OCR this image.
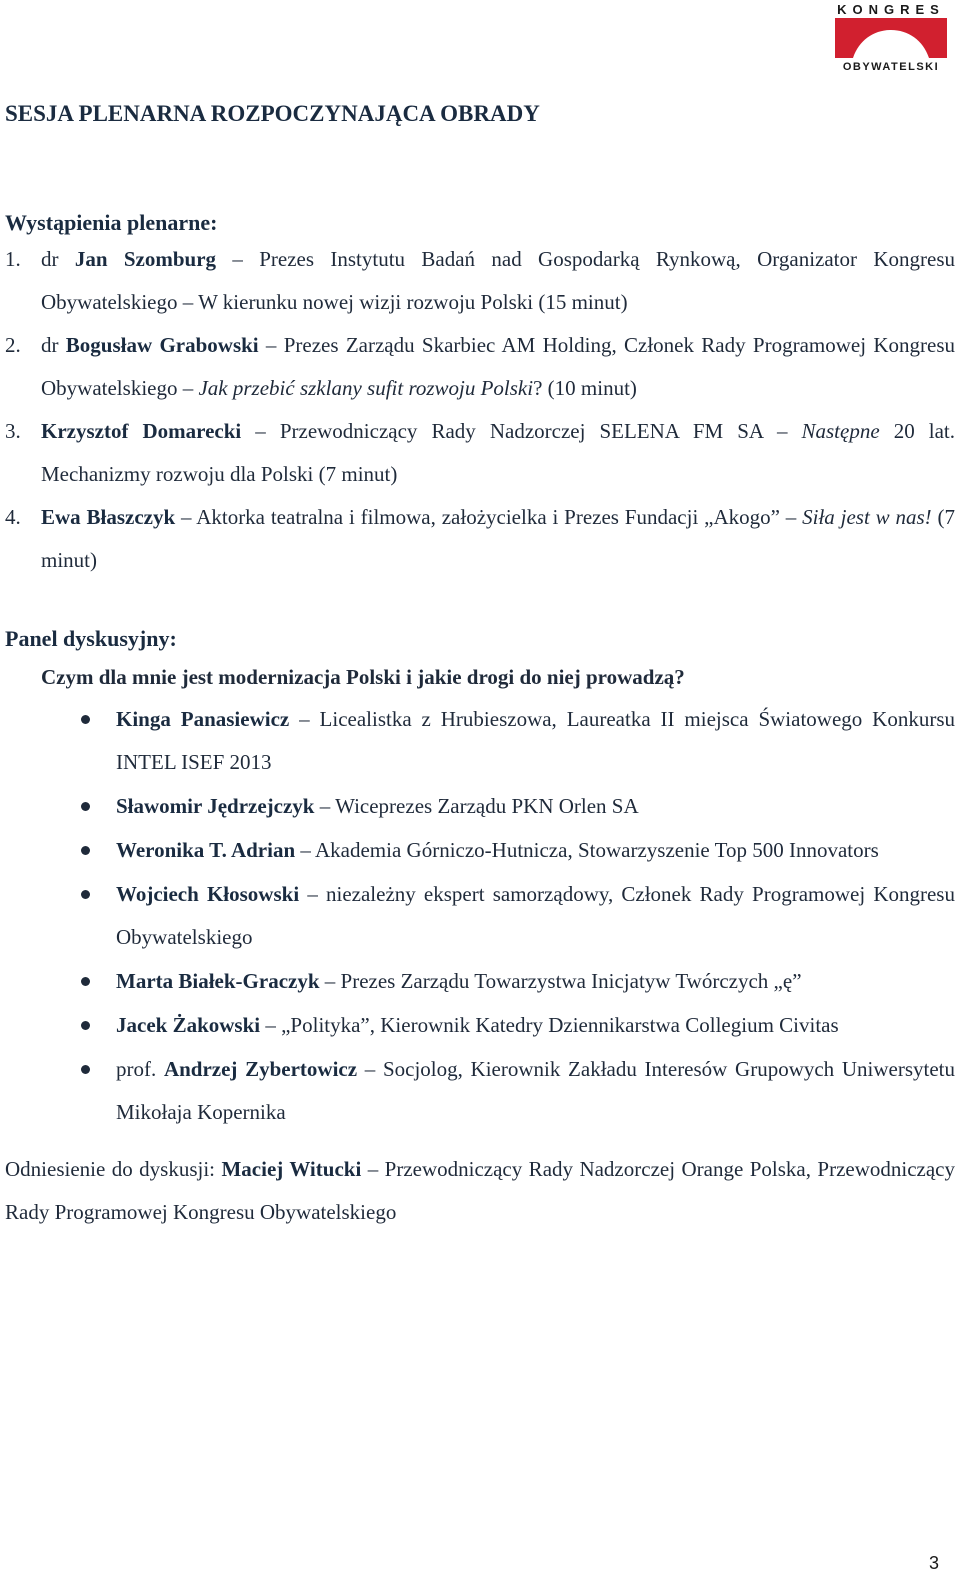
KONGRES
OBYWATELSKI
SESJA PLENARNA ROZPOCZYNAJĄCA OBRADY
Wystąpienia plenarne:
1. dr Jan Szomburg – Prezes Instytutu Badań nad Gospodarką Rynkową, Organizator Kongresu Obywatelskiego – W kierunku nowej wizji rozwoju Polski (15 minut)
2. dr Bogusław Grabowski – Prezes Zarządu Skarbiec AM Holding, Członek Rady Programowej Kongresu Obywatelskiego – Jak przebić szklany sufit rozwoju Polski? (10 minut)
3. Krzysztof Domarecki – Przewodniczący Rady Nadzorczej SELENA FM SA – Następne 20 lat. Mechanizmy rozwoju dla Polski (7 minut)
4. Ewa Błaszczyk – Aktorka teatralna i filmowa, założycielka i Prezes Fundacji „Akogo” – Siła jest w nas! (7 minut)
Panel dyskusyjny:
Czym dla mnie jest modernizacja Polski i jakie drogi do niej prowadzą?
Kinga Panasiewicz – Licealistka z Hrubieszowa, Laureatka II miejsca Światowego Konkursu INTEL ISEF 2013
Sławomir Jędrzejczyk – Wiceprezes Zarządu PKN Orlen SA
Weronika T. Adrian – Akademia Górniczo-Hutnicza, Stowarzyszenie Top 500 Innovators
Wojciech Kłosowski – niezależny ekspert samorządowy, Członek Rady Programowej Kongresu Obywatelskiego
Marta Białek-Graczyk – Prezes Zarządu Towarzystwa Inicjatyw Twórczych „ę”
Jacek Żakowski – „Polityka”, Kierownik Katedry Dziennikarstwa Collegium Civitas
prof. Andrzej Zybertowicz – Socjolog, Kierownik Zakładu Interesów Grupowych Uniwersytetu Mikołaja Kopernika
Odniesienie do dyskusji: Maciej Witucki – Przewodniczący Rady Nadzorczej Orange Polska, Przewodniczący Rady Programowej Kongresu Obywatelskiego
3
